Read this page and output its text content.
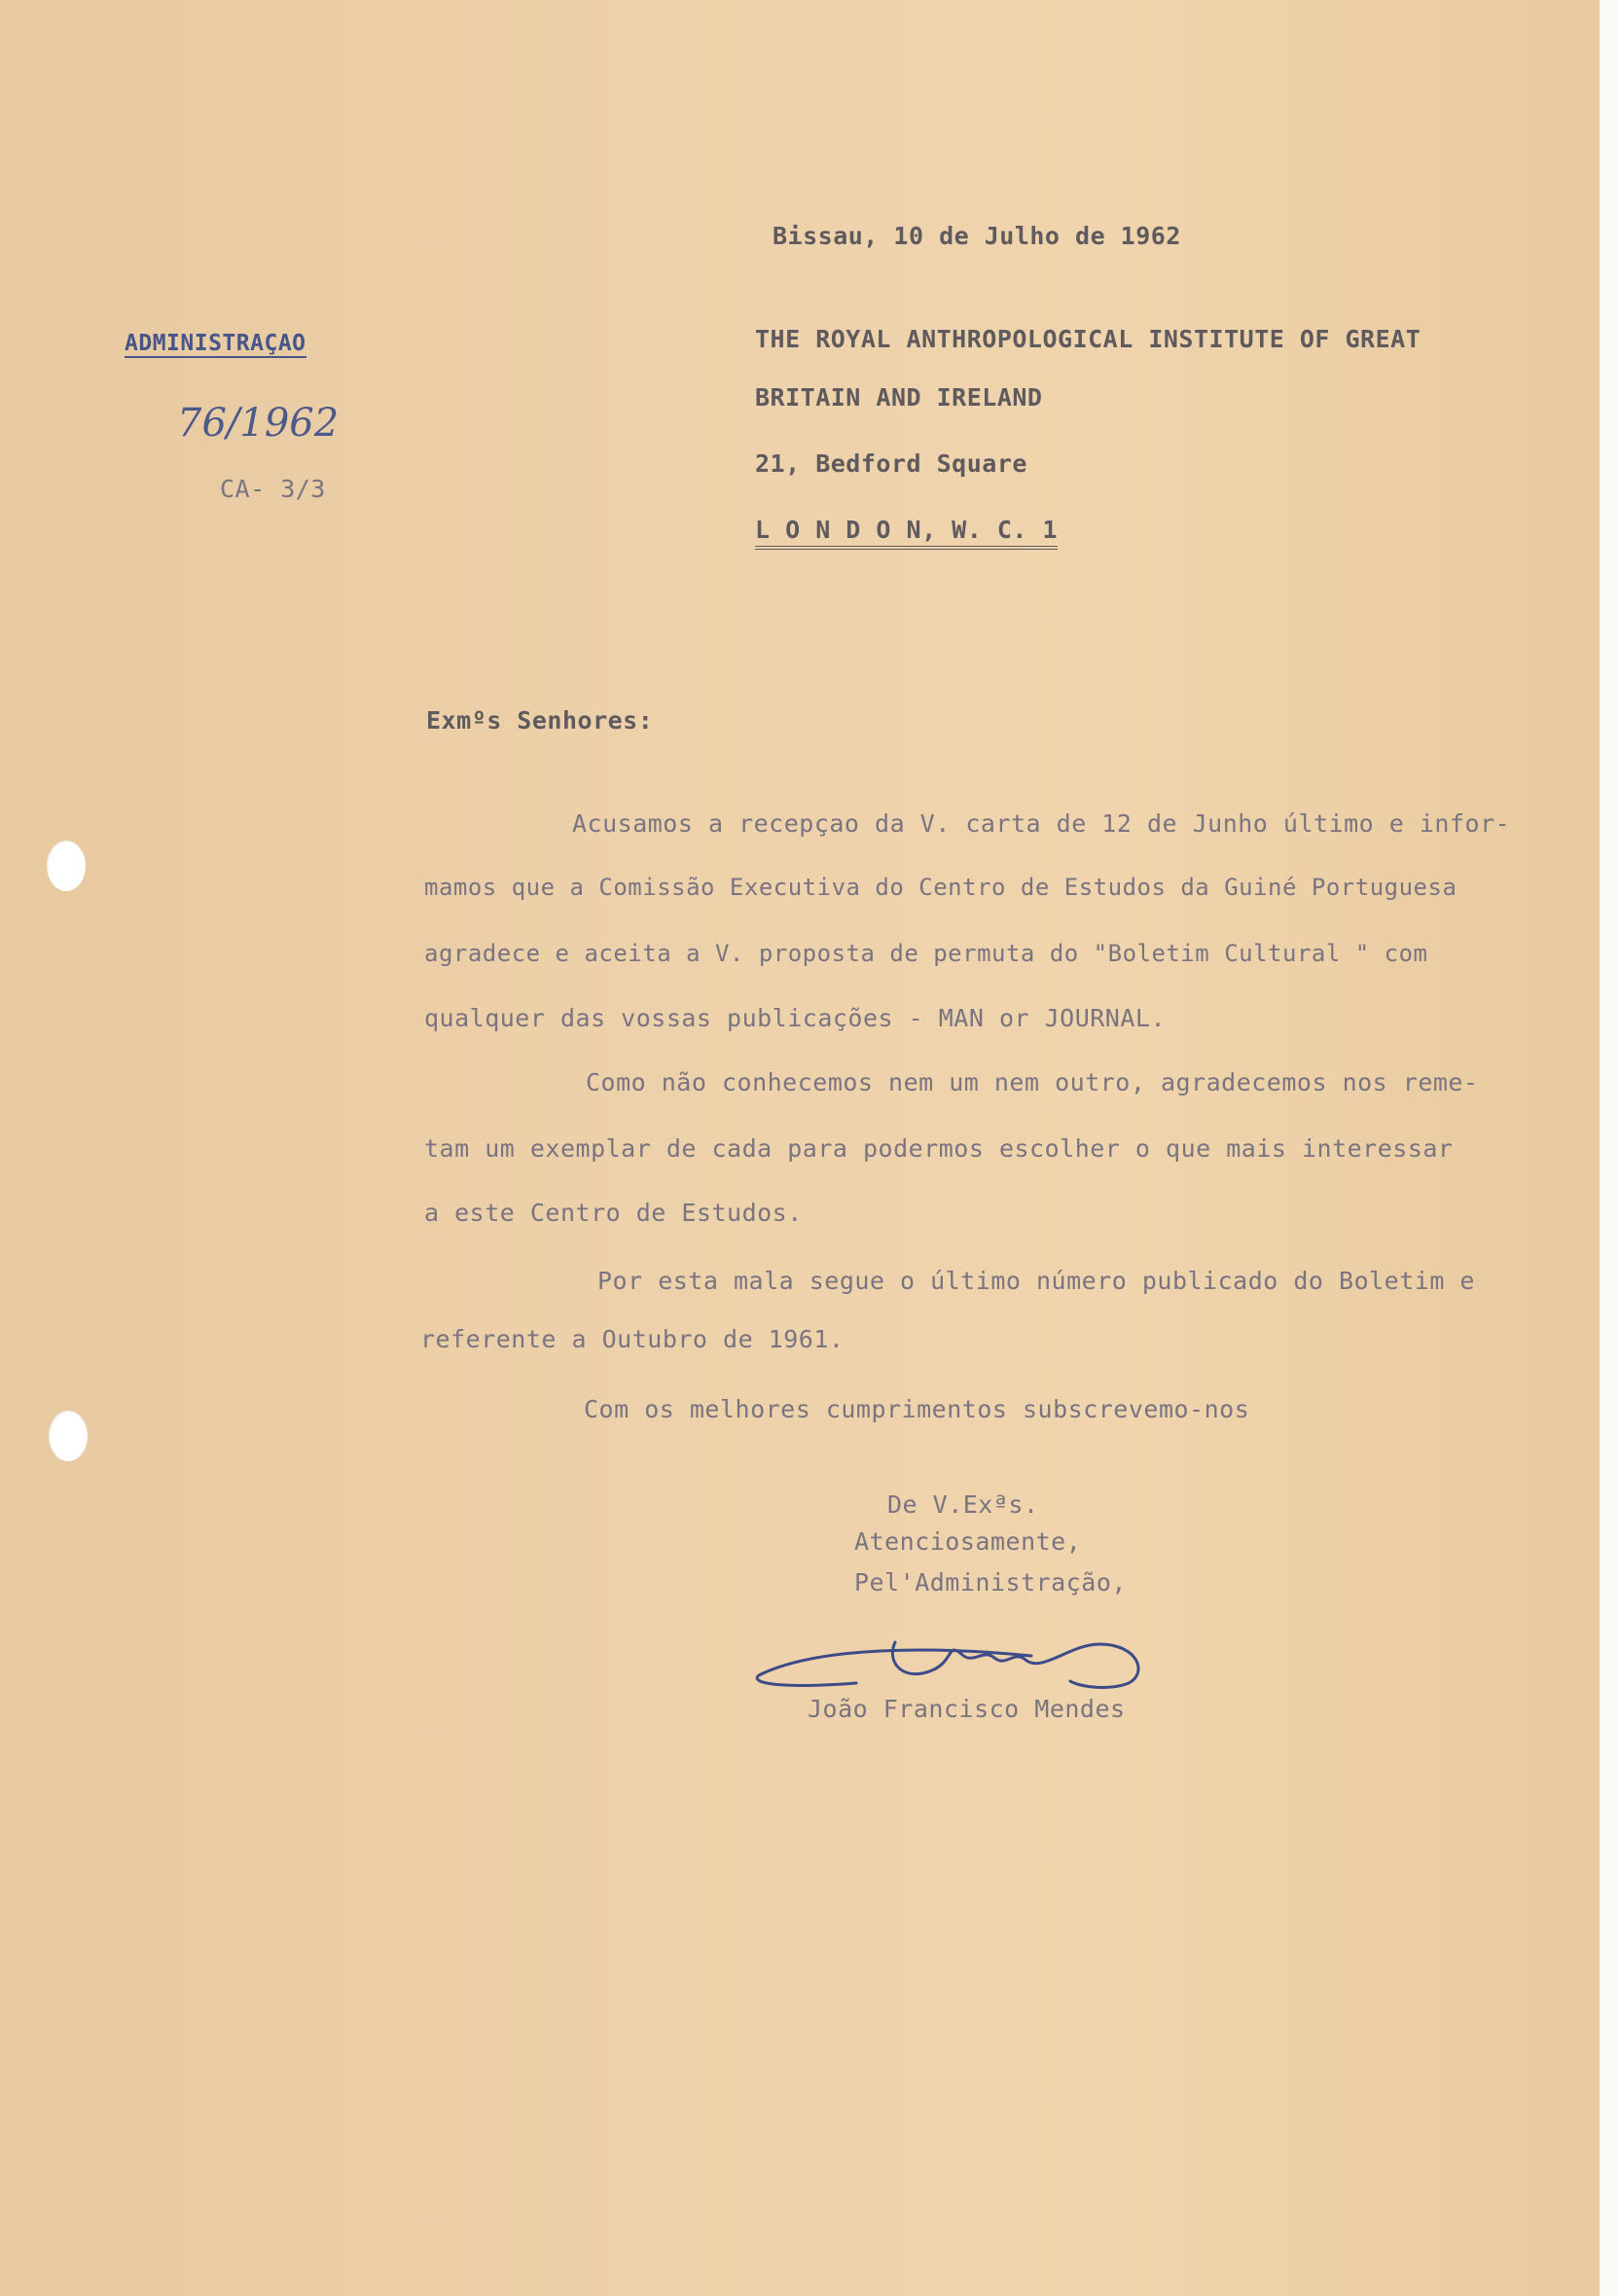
Bissau, 10 de Julho de 1962
ADMINISTRAÇAO
76/1962
CA- 3/3
THE ROYAL ANTHROPOLOGICAL INSTITUTE OF GREAT
BRITAIN AND IRELAND
21, Bedford Square
L O N D O N, W. C. 1
Exmºs Senhores:
Acusamos a recepçao da V. carta de 12 de Junho último e infor-
mamos que a Comissão Executiva do Centro de Estudos da Guiné Portuguesa
agradece e aceita a V. proposta de permuta do "Boletim Cultural " com
qualquer das vossas publicações - MAN or JOURNAL.
Como não conhecemos nem um nem outro, agradecemos nos reme-
tam um exemplar de cada para podermos escolher o que mais interessar
a este Centro de Estudos.
Por esta mala segue o último número publicado do Boletim e
referente a Outubro de 1961.
Com os melhores cumprimentos subscrevemo-nos
De V.Exªs.
Atenciosamente,
Pel'Administração,
João Francisco Mendes
